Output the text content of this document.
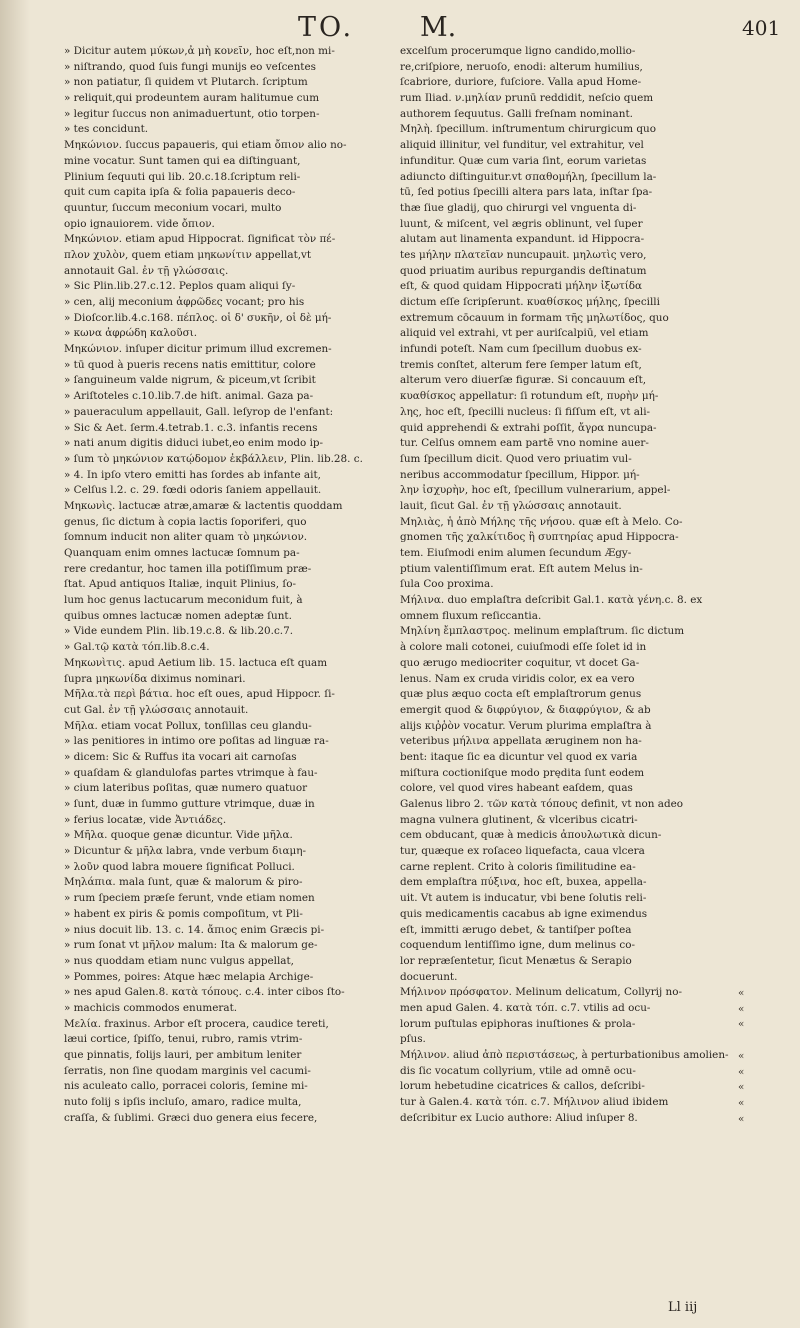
TO. M.	401
» Dicitur autem μύκων,ἀ μὴ κονεῖν, hoc eſt,non mi-
» niſtrando, quod ſuis fungi munijs eo veſcentes
» non patiatur, ſi quidem vt Plutarch. ſcriptum
» reliquit,qui prodeuntem auram halitumue cum
» legitur ſuccus non animaduertunt, otio torpen-
» tes concidunt.
Μηκώνιον. ſuccus papaueris, qui etiam ὄπιον alio no-
mine vocatur. Sunt tamen qui ea diſtinguant,
Plinium ſequuti qui lib. 20.c.18.ſcriptum reli-
quit cum capita ipſa & folia papaueris deco-
quuntur, ſuccum meconium vocari, multo
opio ignauiorem. vide ὄπιον.
Μηκώνιον. etiam apud Hippocrat. ſignificat τὸν πέ-
πλον χυλὸν, quem etiam μηκωνίτιν appellat,vt
annotauit Gal. ἐν τῇ γλώσσαις.
» Sic Plin.lib.27.c.12. Peplos quam aliqui ſy-
» cen, alij meconium ἀφρῶδες vocant; pro his
» Dioſcor.lib.4.c.168. πέπλος. οἱ δ' συκῆν, οἱ δὲ μή-
» κωνα ἀφρώδη καλοῦσι.
Μηκώνιον. inſuper dicitur primum illud excremen-
» tū quod à pueris recens natis emittitur, colore
» ſanguineum valde nigrum, & piceum,vt ſcribit
» Ariſtoteles c.10.lib.7.de hiſt. animal. Gaza pa-
» paueraculum appellauit, Gall. leſyrop de l'enfant:
» Sic & Aet. ſerm.4.tetrab.1. c.3. infantis recens
» nati anum digitis diduci iubet,eo enim modo ip-
» ſum τὸ μηκώνιον κατῴδομον ἐκβάλλειν, Plin. lib.28. c.
» 4. In ipſo vtero emitti has ſordes ab infante ait,
» Celſus l.2. c. 29. fœdi odoris ſaniem appellauit.
Μηκωνὶς. lactucæ atræ,amaræ & lactentis quoddam
genus, ſic dictum à copia lactis ſoporiferi, quo
ſomnum inducit non aliter quam τὸ μηκώνιον.
Quanquam enim omnes lactucæ ſomnum pa-
rere credantur, hoc tamen illa potiſſimum præ-
ſtat. Apud antiquos Italiæ, inquit Plinius, ſo-
lum hoc genus lactucarum meconidum fuit, à
quibus omnes lactucæ nomen adeptæ ſunt.
» Vide eundem Plin. lib.19.c.8. & lib.20.c.7.
» Gal.τῷ κατὰ τόπ.lib.8.c.4.
Μηκωνὶτις. apud Aetium lib. 15. lactuca eſt quam
ſupra μηκωνίδα diximus nominari.
Μῆλα.τὰ περὶ βάτια. hoc eſt oues, apud Hippocr. ſi-
cut Gal. ἐν τῇ γλώσσαις annotauit.
Μῆλα. etiam vocat Pollux, tonſillas ceu glandu-
» las penitiores in intimo ore poſitas ad linguæ ra-
» dicem: Sic & Ruffus ita vocari ait carnoſas
» quaſdam & glandulofas partes vtrimque à fau-
» cium lateribus poſitas, quæ numero quatuor
» ſunt, duæ in ſummo gutture vtrimque, duæ in
» ferius locatæ, vide Ἀντιάδες.
» Μῆλα. quoque genæ dicuntur. Vide μῆλα.
» Dicuntur & μῆλα labra, vnde verbum διαμη-
» λοῦν quod labra mouere ſignificat Polluci.
Μηλάπια. mala ſunt, quæ & malorum & piro-
» rum ſpeciem præſe ferunt, vnde etiam nomen
» habent ex piris & pomis compoſitum, vt Pli-
» nius docuit lib. 13. c. 14. ἄπιος enim Græcis pi-
» rum ſonat vt μῆλον malum: Ita & malorum ge-
» nus quoddam etiam nunc vulgus appellat,
» Pommes, poires: Atque hæc melapia Archige-
» nes apud Galen.8. κατὰ τόπους. c.4. inter cibos ſto-
» machicis commodos enumerat.
Μελία. fraxinus. Arbor eſt procera, caudice tereti,
læui cortice, ſpiſſo, tenui, rubro, ramis vtrim-
que pinnatis, folijs lauri, per ambitum leniter
ſerratis, non ſine quodam marginis vel cacumi-
nis aculeato callo, porracei coloris, ſemine mi-
nuto folij s ipſis incluſo, amaro, radice multa,
craſſa, & ſublimi. Græci duo genera eius fecere,
excelſum procerumque ligno candido,mollio-
re,criſpiore, neruoſo, enodi: alterum humilius,
ſcabriore, duriore, fuſciore. Valla apud Home-
rum Iliad. ν.μηλίαν prunū reddidit, neſcio quem
authorem ſequutus. Galli freſnam nominant.
Μηλὴ. ſpecillum. inſtrumentum chirurgicum quo
aliquid illinitur, vel funditur, vel extrahitur, vel
infunditur. Quæ cum varia ſint, eorum varietas
adiuncto diſtinguitur.vt σπαθομήλη, ſpecillum la-
tū, ſed potius ſpecilli altera pars lata, inſtar ſpa-
thæ ſiue gladij, quo chirurgi vel vnguenta di-
luunt, & miſcent, vel ægris oblinunt, vel ſuper
alutam aut linamenta expandunt. id Hippocra-
tes μήλην πλατεῖαν nuncupauit. μηλωτὶς vero,
quod priuatim auribus repurgandis deſtinatum
eſt, & quod quidam Hippocrati μήλην ἰξωτίδα
dictum eſſe ſcripſerunt. κυαθίσκος μήλης, ſpecilli
extremum cōcauum in formam τῆς μηλωτίδος, quo
aliquid vel extrahi, vt per auriſcalpiū, vel etiam
infundi poteſt. Nam cum ſpecillum duobus ex-
tremis conſtet, alterum fere ſemper latum eſt,
alterum vero diuerſæ figuræ. Si concauum eſt,
κυαθίσκος appellatur: ſi rotundum eſt, πυρὴν μή-
λης, hoc eſt, ſpecilli nucleus: ſi fiſſum eſt, vt ali-
quid apprehendi & extrahi poſſit, ἄγρα nuncupa-
tur. Celſus omnem eam partē vno nomine auer-
ſum ſpecillum dicit. Quod vero priuatim vul-
neribus accommodatur ſpecillum, Hippor. μή-
λην ἰσχυρὴν, hoc eſt, ſpecillum vulnerarium, appel-
lauit, ſicut Gal. ἐν τῇ γλώσσαις annotauit.
Μηλιὰς, ἡ ἀπὸ Μήλης τῆς νήσου. quæ eſt à Melo. Co-
gnomen τῆς χαλκίτιδος ἢ συπτηρίας apud Hippocra-
tem. Eiuſmodi enim alumen ſecundum Ægy-
ptium valentiſſimum erat. Eſt autem Melus in-
ſula Coo proxima.
Μήλινα. duo emplaſtra deſcribit Gal.1. κατὰ γένη.c. 8. ex
omnem fluxum reſiccantia.
Μηλίνη ἔμπλαστρος. melinum emplaſtrum. ſic dictum
à colore mali cotonei, cuiuſmodi eſſe ſolet id in
quo ærugo mediocriter coquitur, vt docet Ga-
lenus. Nam ex cruda viridis color, ex ea vero
quæ plus æquo cocta eſt emplaſtrorum genus
emergit quod & διφρύγιον, & διαφρύγιον, & ab
alijs κιῤῥὸν vocatur. Verum plurima emplaſtra à
veteribus μήλινα appellata æruginem non ha-
bent: itaque ſic ea dicuntur vel quod ex varia
miſtura coctioniſque modo prędita ſunt eodem
colore, vel quod vires habeant eaſdem, quas
Galenus libro 2. τῶν κατὰ τόπους definit, vt non adeo
magna vulnera glutinent, & vlceribus cicatri-
cem obducant, quæ à medicis ἀπουλωτικὰ dicun-
tur, quæque ex roſaceo liquefacta, caua vlcera
carne replent. Crito à coloris ſimilitudine ea-
dem emplaſtra πύξινα, hoc eſt, buxea, appella-
uit. Vt autem is inducatur, vbi bene ſolutis reli-
quis medicamentis cacabus ab igne eximendus
eſt, immitti ærugo debet, & tantiſper poſtea
coquendum lentiſſimo igne, dum melinus co-
lor repræſentetur, ſicut Menætus & Serapio
docuerunt.
Μήλινον πρόσφατον. Melinum delicatum, Collyrij no-
men apud Galen. 4. κατὰ τόπ. c.7. vtilis ad ocu-
lorum puſtulas epiphoras inuſtiones & prola-
pſus.
Μήλινον. aliud ἀπὸ περιστάσεως, à perturbationibus amolien-
dis ſic vocatum collyrium, vtile ad omnē ocu-
lorum hebetudine cicatrices & callos, deſcribi-
tur à Galen.4. κατὰ τόπ. c.7. Μήλινον aliud ibidem
deſcribitur ex Lucio authore: Aliud inſuper 8.
«
«
«
«
«
«
«
«
Ll iij
